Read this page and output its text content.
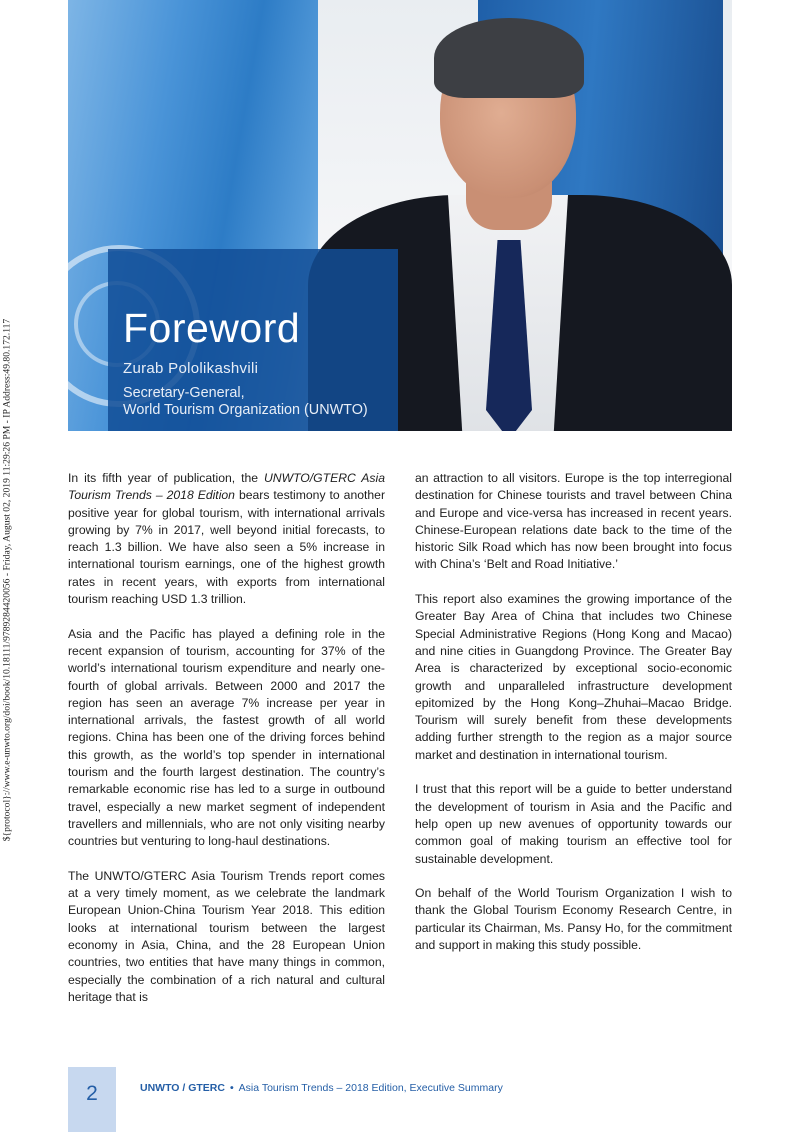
${protocol}://www.e-unwto.org/doi/book/10.18111/9789284420056 - Friday, August 02, 2019 11:29:26 PM - IP Address:49.80.172.117	Foreword
Zurab Pololikashvili
Secretary-General,
World Tourism Organization (UNWTO)

In its fifth year of publication, the UNWTO/GTERC Asia Tourism Trends – 2018 Edition bears testimony to another positive year for global tourism, with international arrivals growing by 7% in 2017, well beyond initial forecasts, to reach 1.3 billion. We have also seen a 5% increase in international tourism earnings, one of the highest growth rates in recent years, with exports from international tourism reaching USD 1.3 trillion.

Asia and the Pacific has played a defining role in the recent expansion of tourism, accounting for 37% of the world’s international tourism expenditure and nearly one-fourth of global arrivals. Between 2000 and 2017 the region has seen an average 7% increase per year in international arrivals, the fastest growth of all world regions. China has been one of the driving forces behind this growth, as the world’s top spender in international tourism and the fourth largest destination. The country’s remarkable economic rise has led to a surge in outbound travel, especially a new market segment of independent travellers and millennials, who are not only visiting nearby countries but venturing to long-haul destinations.

The UNWTO/GTERC Asia Tourism Trends report comes at a very timely moment, as we celebrate the landmark European Union-China Tourism Year 2018. This edition looks at international tourism between the largest economy in Asia, China, and the 28 European Union countries, two entities that have many things in common, especially the combination of a rich natural and cultural heritage that is

an attraction to all visitors. Europe is the top interregional destination for Chinese tourists and travel between China and Europe and vice-versa has increased in recent years. Chinese-European relations date back to the time of the historic Silk Road which has now been brought into focus with China’s ‘Belt and Road Initiative.’

This report also examines the growing importance of the Greater Bay Area of China that includes two Chinese Special Administrative Regions (Hong Kong and Macao) and nine cities in Guangdong Province. The Greater Bay Area is characterized by exceptional socio-economic growth and unparalleled infrastructure development epitomized by the Hong Kong–Zhuhai–Macao Bridge. Tourism will surely benefit from these developments adding further strength to the region as a major source market and destination in international tourism.

I trust that this report will be a guide to better understand the development of tourism in Asia and the Pacific and help open up new avenues of opportunity towards our common goal of making tourism an effective tool for sustainable development.

On behalf of the World Tourism Organization I wish to thank the Global Tourism Economy Research Centre, in particular its Chairman, Ms. Pansy Ho, for the commitment and support in making this study possible.

2	UNWTO / GTERC • Asia Tourism Trends – 2018 Edition, Executive Summary
